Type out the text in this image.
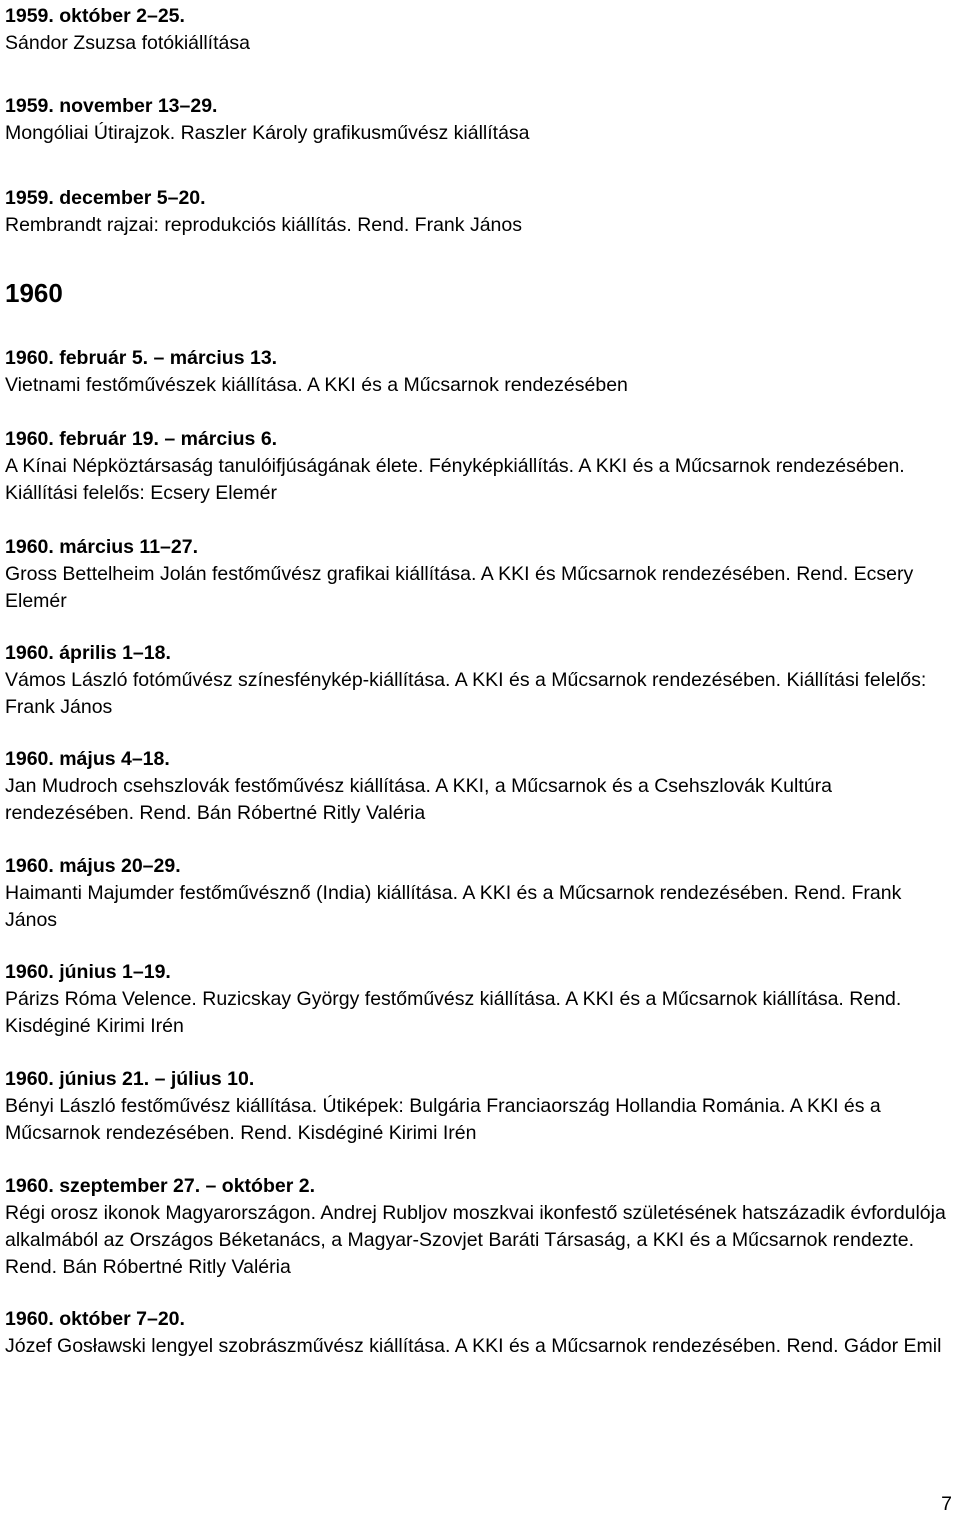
1959. október 2–25.

Sándor Zsuzsa fotókiállítása

1959. november 13–29.

Mongóliai Útirajzok. Raszler Károly grafikusművész kiállítása

1959. december 5–20.

Rembrandt rajzai: reprodukciós kiállítás. Rend. Frank János

1960

1960. február 5. – március 13.

Vietnami festőművészek kiállítása. A KKI és a Műcsarnok rendezésében

1960. február 19. – március 6.

A Kínai Népköztársaság tanulóifjúságának élete. Fényképkiállítás. A KKI és a Műcsarnok rendezésében. Kiállítási felelős: Ecsery Elemér

1960. március 11–27.

Gross Bettelheim Jolán festőművész grafikai kiállítása. A KKI és Műcsarnok rendezésében. Rend. Ecsery Elemér

1960. április 1–18.

Vámos László fotóművész színesfénykép-kiállítása. A KKI és a Műcsarnok rendezésében. Kiállítási felelős: Frank János

1960. május 4–18.

Jan Mudroch csehszlovák festőművész kiállítása. A KKI, a Műcsarnok és a Csehszlovák Kultúra rendezésében. Rend. Bán Róbertné Ritly Valéria

1960. május 20–29.

Haimanti Majumder festőművésznő (India) kiállítása. A KKI és a Műcsarnok rendezésében. Rend. Frank János

1960. június 1–19.

Párizs Róma Velence. Ruzicskay György festőművész kiállítása. A KKI és a Műcsarnok kiállítása. Rend. Kisdéginé Kirimi Irén

1960. június 21. – július 10.

Bényi László festőművész kiállítása. Útiképek: Bulgária Franciaország Hollandia Románia. A KKI és a Műcsarnok rendezésében. Rend. Kisdéginé Kirimi Irén

1960. szeptember 27. – október 2.

Régi orosz ikonok Magyarországon. Andrej Rubljov moszkvai ikonfestő születésének hatszázadik évfordulója alkalmából az Országos Béketanács, a Magyar-Szovjet Baráti Társaság, a KKI és a Műcsarnok rendezte. Rend. Bán Róbertné Ritly Valéria

1960. október 7–20.

Józef Gosławski lengyel szobrászművész kiállítása. A KKI és a Műcsarnok rendezésében. Rend. Gádor Emil

7
